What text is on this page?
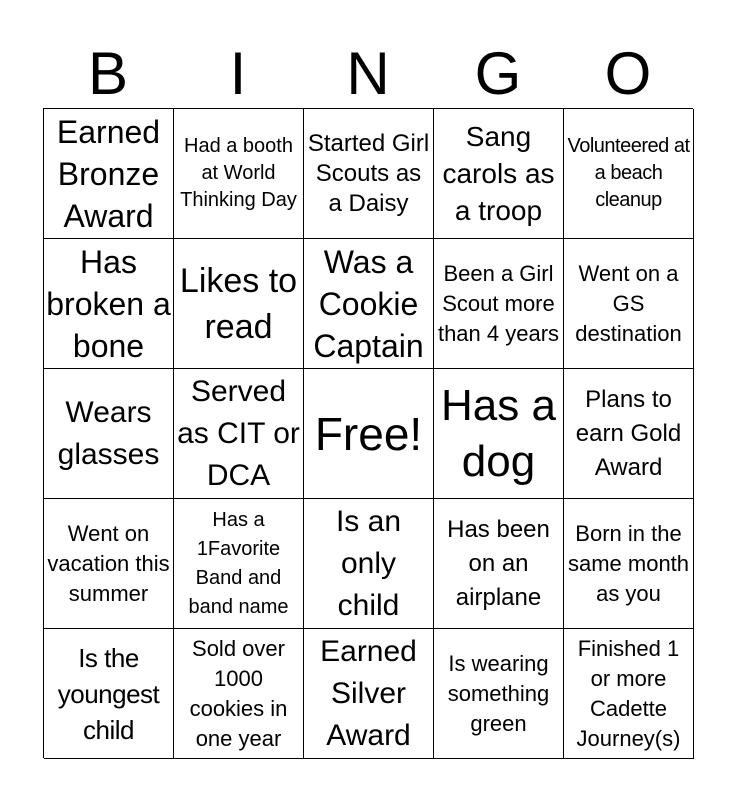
B	I	N	G	O
Earned Bronze Award
Had a booth at World Thinking Day
Started Girl Scouts as a Daisy
Sang carols as a troop
Volunteered at a beach cleanup
Has broken a bone
Likes to read
Was a Cookie Captain
Been a Girl Scout more than 4 years
Went on a GS destination
Wears glasses
Served as CIT or DCA
Free!
Has a dog
Plans to earn Gold Award
Went on vacation this summer
Has a 1Favorite Band and band name
Is an only child
Has been on an airplane
Born in the same month as you
Is the youngest child
Sold over 1000 cookies in one year
Earned Silver Award
Is wearing something green
Finished 1 or more Cadette Journey(s)
